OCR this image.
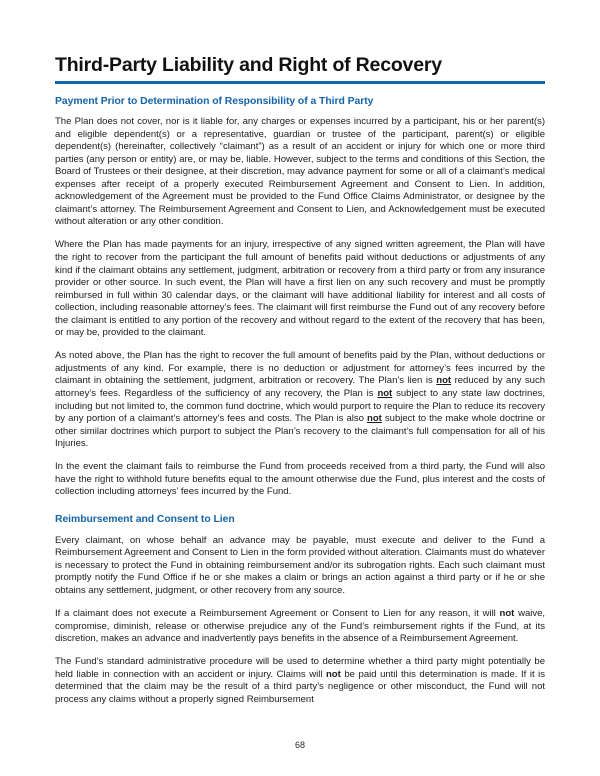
Third-Party Liability and Right of Recovery
Payment Prior to Determination of Responsibility of a Third Party

The Plan does not cover, nor is it liable for, any charges or expenses incurred by a participant, his or her parent(s) and eligible dependent(s) or a representative, guardian or trustee of the participant, parent(s) or eligible dependent(s) (hereinafter, collectively “claimant”) as a result of an accident or injury for which one or more third parties (any person or entity) are, or may be, liable. However, subject to the terms and conditions of this Section, the Board of Trustees or their designee, at their discretion, may advance payment for some or all of a claimant’s medical expenses after receipt of a properly executed Reimbursement Agreement and Consent to Lien. In addition, acknowledgement of the Agreement must be provided to the Fund Office Claims Administrator, or designee by the claimant’s attorney. The Reimbursement Agreement and Consent to Lien, and Acknowledgement must be executed without alteration or any other condition.

Where the Plan has made payments for an injury, irrespective of any signed written agreement, the Plan will have the right to recover from the participant the full amount of benefits paid without deductions or adjustments of any kind if the claimant obtains any settlement, judgment, arbitration or recovery from a third party or from any insurance provider or other source. In such event, the Plan will have a first lien on any such recovery and must be promptly reimbursed in full within 30 calendar days, or the claimant will have additional liability for interest and all costs of collection, including reasonable attorney’s fees. The claimant will first reimburse the Fund out of any recovery before the claimant is entitled to any portion of the recovery and without regard to the extent of the recovery that has been, or may be, provided to the claimant.

As noted above, the Plan has the right to recover the full amount of benefits paid by the Plan, without deductions or adjustments of any kind. For example, there is no deduction or adjustment for attorney’s fees incurred by the claimant in obtaining the settlement, judgment, arbitration or recovery. The Plan’s lien is not reduced by any such attorney’s fees. Regardless of the sufficiency of any recovery, the Plan is not subject to any state law doctrines, including but not limited to, the common fund doctrine, which would purport to require the Plan to reduce its recovery by any portion of a claimant’s attorney’s fees and costs. The Plan is also not subject to the make whole doctrine or other similar doctrines which purport to subject the Plan’s recovery to the claimant’s full compensation for all of his Injuries.

In the event the claimant fails to reimburse the Fund from proceeds received from a third party, the Fund will also have the right to withhold future benefits equal to the amount otherwise due the Fund, plus interest and the costs of collection including attorneys’ fees incurred by the Fund.

Reimbursement and Consent to Lien

Every claimant, on whose behalf an advance may be payable, must execute and deliver to the Fund a Reimbursement Agreement and Consent to Lien in the form provided without alteration. Claimants must do whatever is necessary to protect the Fund in obtaining reimbursement and/or its subrogation rights. Each such claimant must promptly notify the Fund Office if he or she makes a claim or brings an action against a third party or if he or she obtains any settlement, judgment, or other recovery from any source.

If a claimant does not execute a Reimbursement Agreement or Consent to Lien for any reason, it will not waive, compromise, diminish, release or otherwise prejudice any of the Fund’s reimbursement rights if the Fund, at its discretion, makes an advance and inadvertently pays benefits in the absence of a Reimbursement Agreement.

The Fund’s standard administrative procedure will be used to determine whether a third party might potentially be held liable in connection with an accident or injury. Claims will not be paid until this determination is made. If it is determined that the claim may be the result of a third party’s negligence or other misconduct, the Fund will not process any claims without a properly signed Reimbursement

68
